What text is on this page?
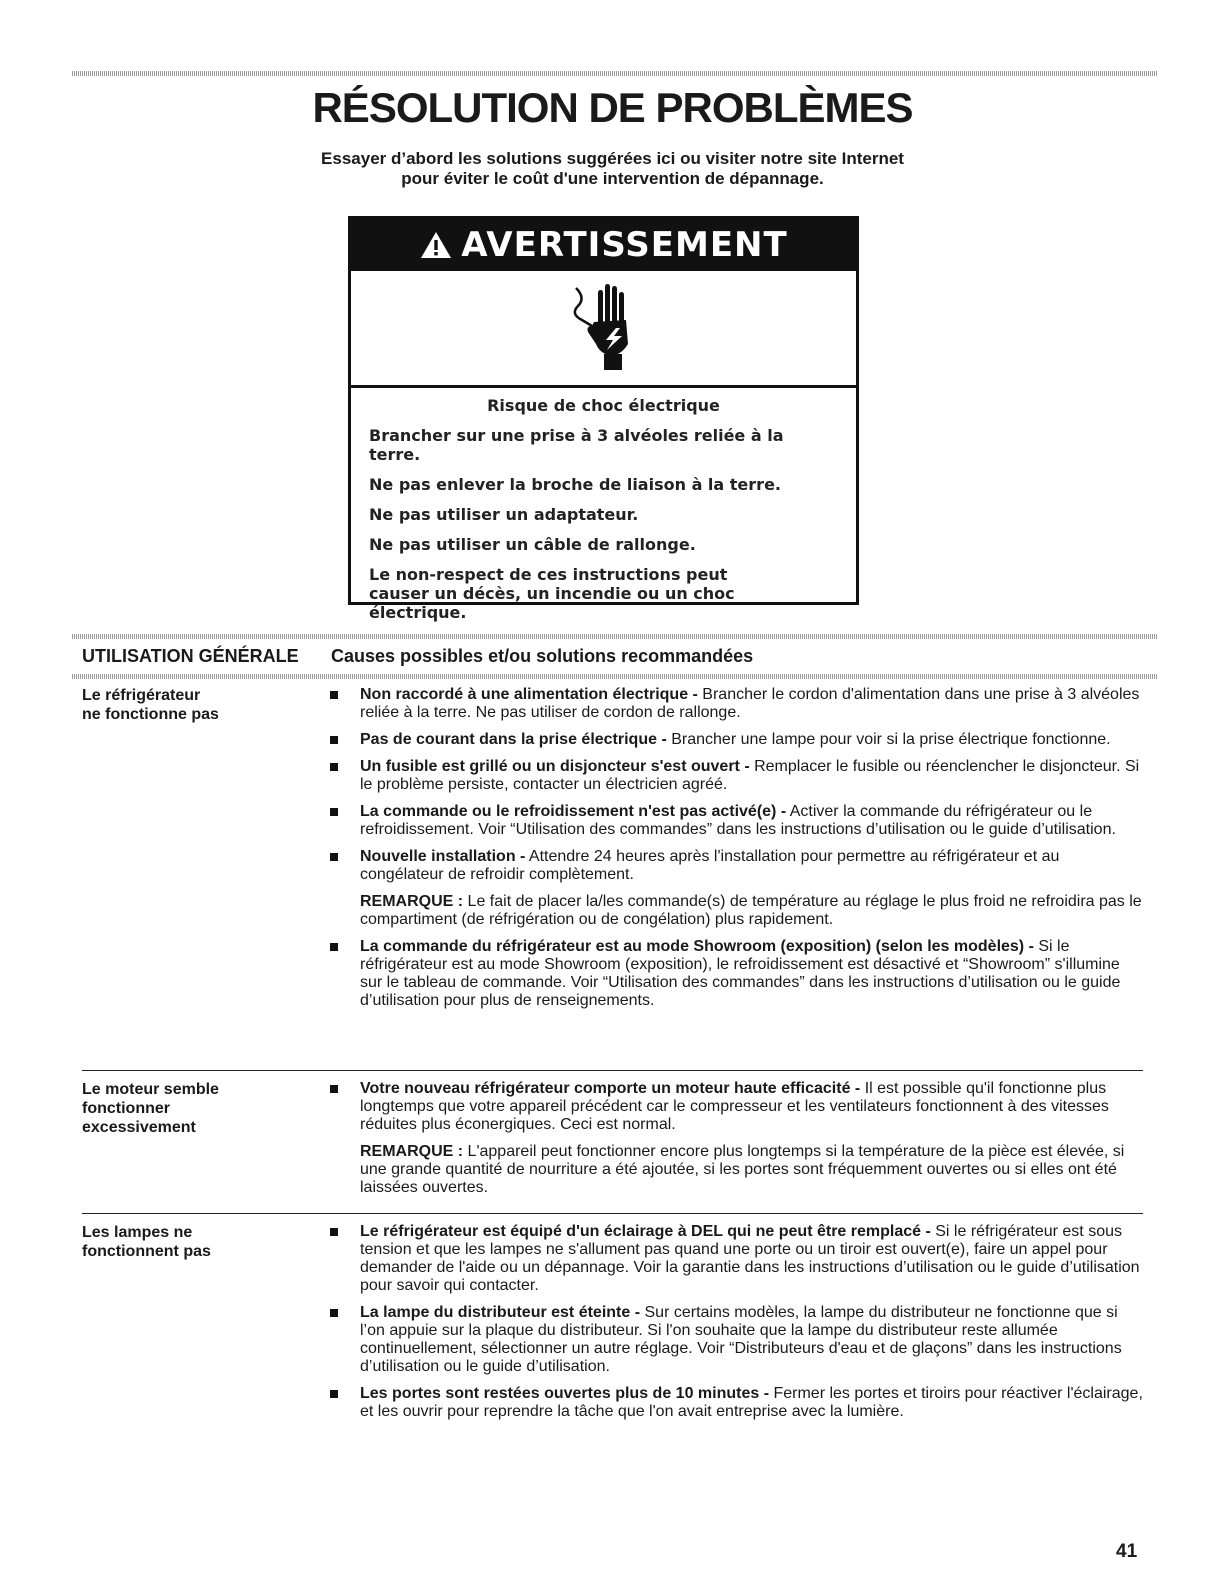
RÉSOLUTION DE PROBLÈMES

Essayer d’abord les solutions suggérées ici ou visiter notre site Internet
pour éviter le coût d'une intervention de dépannage.

AVERTISSEMENT

Risque de choc électrique

Brancher sur une prise à 3 alvéoles reliée à la terre.

Ne pas enlever la broche de liaison à la terre.

Ne pas utiliser un adaptateur.

Ne pas utiliser un câble de rallonge.

Le non-respect de ces instructions peut causer un décès, un incendie ou un choc électrique.

UTILISATION GÉNÉRALE	Causes possibles et/ou solutions recommandées
Le réfrigérateur
ne fonctionne pas
Non raccordé à une alimentation électrique - Brancher le cordon d'alimentation dans une prise à 3 alvéoles reliée à la terre. Ne pas utiliser de cordon de rallonge.
Pas de courant dans la prise électrique - Brancher une lampe pour voir si la prise électrique fonctionne.
Un fusible est grillé ou un disjoncteur s'est ouvert - Remplacer le fusible ou réenclencher le disjoncteur. Si le problème persiste, contacter un électricien agréé.
La commande ou le refroidissement n'est pas activé(e) - Activer la commande du réfrigérateur ou le refroidissement. Voir “Utilisation des commandes” dans les instructions d’utilisation ou le guide d’utilisation.
Nouvelle installation - Attendre 24 heures après l'installation pour permettre au réfrigérateur et au congélateur de refroidir complètement.
REMARQUE : Le fait de placer la/les commande(s) de température au réglage le plus froid ne refroidira pas le compartiment (de réfrigération ou de congélation) plus rapidement.
La commande du réfrigérateur est au mode Showroom (exposition) (selon les modèles) - Si le réfrigérateur est au mode Showroom (exposition), le refroidissement est désactivé et “Showroom” s'illumine sur le tableau de commande. Voir “Utilisation des commandes” dans les instructions d’utilisation ou le guide d’utilisation pour plus de renseignements.
Le moteur semble
fonctionner
excessivement
Votre nouveau réfrigérateur comporte un moteur haute efficacité - Il est possible qu'il fonctionne plus longtemps que votre appareil précédent car le compresseur et les ventilateurs fonctionnent à des vitesses réduites plus éconergiques. Ceci est normal.
REMARQUE : L'appareil peut fonctionner encore plus longtemps si la température de la pièce est élevée, si une grande quantité de nourriture a été ajoutée, si les portes sont fréquemment ouvertes ou si elles ont été laissées ouvertes.
Les lampes ne
fonctionnent pas
Le réfrigérateur est équipé d'un éclairage à DEL qui ne peut être remplacé - Si le réfrigérateur est sous tension et que les lampes ne s'allument pas quand une porte ou un tiroir est ouvert(e), faire un appel pour demander de l'aide ou un dépannage. Voir la garantie dans les instructions d’utilisation ou le guide d’utilisation pour savoir qui contacter.
La lampe du distributeur est éteinte - Sur certains modèles, la lampe du distributeur ne fonctionne que si l’on appuie sur la plaque du distributeur. Si l'on souhaite que la lampe du distributeur reste allumée continuellement, sélectionner un autre réglage. Voir “Distributeurs d'eau et de glaçons” dans les instructions d’utilisation ou le guide d’utilisation.
Les portes sont restées ouvertes plus de 10 minutes - Fermer les portes et tiroirs pour réactiver l'éclairage, et les ouvrir pour reprendre la tâche que l'on avait entreprise avec la lumière.
41
